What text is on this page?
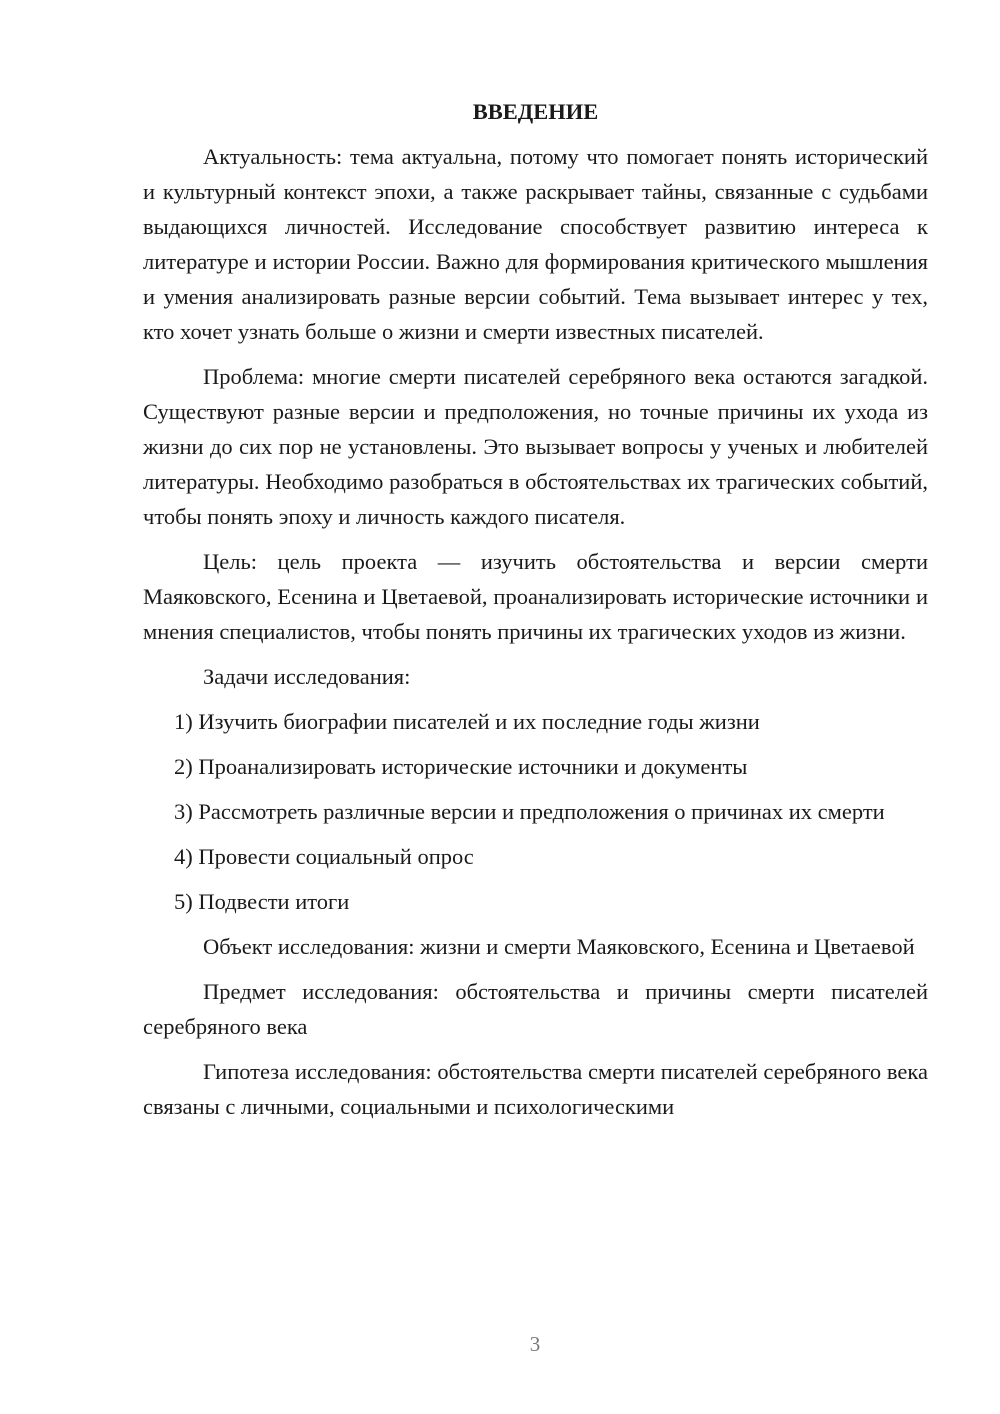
ВВЕДЕНИЕ

Актуальность: тема актуальна, потому что помогает понять исторический и культурный контекст эпохи, а также раскрывает тайны, связанные с судьбами выдающихся личностей. Исследование способствует развитию интереса к литературе и истории России. Важно для формирования критического мышления и умения анализировать разные версии событий. Тема вызывает интерес у тех, кто хочет узнать больше о жизни и смерти известных писателей.

Проблема: многие смерти писателей серебряного века остаются загадкой. Существуют разные версии и предположения, но точные причины их ухода из жизни до сих пор не установлены. Это вызывает вопросы у ученых и любителей литературы. Необходимо разобраться в обстоятельствах их трагических событий, чтобы понять эпоху и личность каждого писателя.

Цель: цель проекта — изучить обстоятельства и версии смерти Маяковского, Есенина и Цветаевой, проанализировать исторические источники и мнения специалистов, чтобы понять причины их трагических уходов из жизни.

Задачи исследования:

1) Изучить биографии писателей и их последние годы жизни

2) Проанализировать исторические источники и документы

3) Рассмотреть различные версии и предположения о причинах их смерти

4) Провести социальный опрос

5) Подвести итоги

Объект исследования: жизни и смерти Маяковского, Есенина и Цветаевой

Предмет исследования: обстоятельства и причины смерти писателей серебряного века

Гипотеза исследования: обстоятельства смерти писателей серебряного века связаны с личными, социальными и психологическими

3
